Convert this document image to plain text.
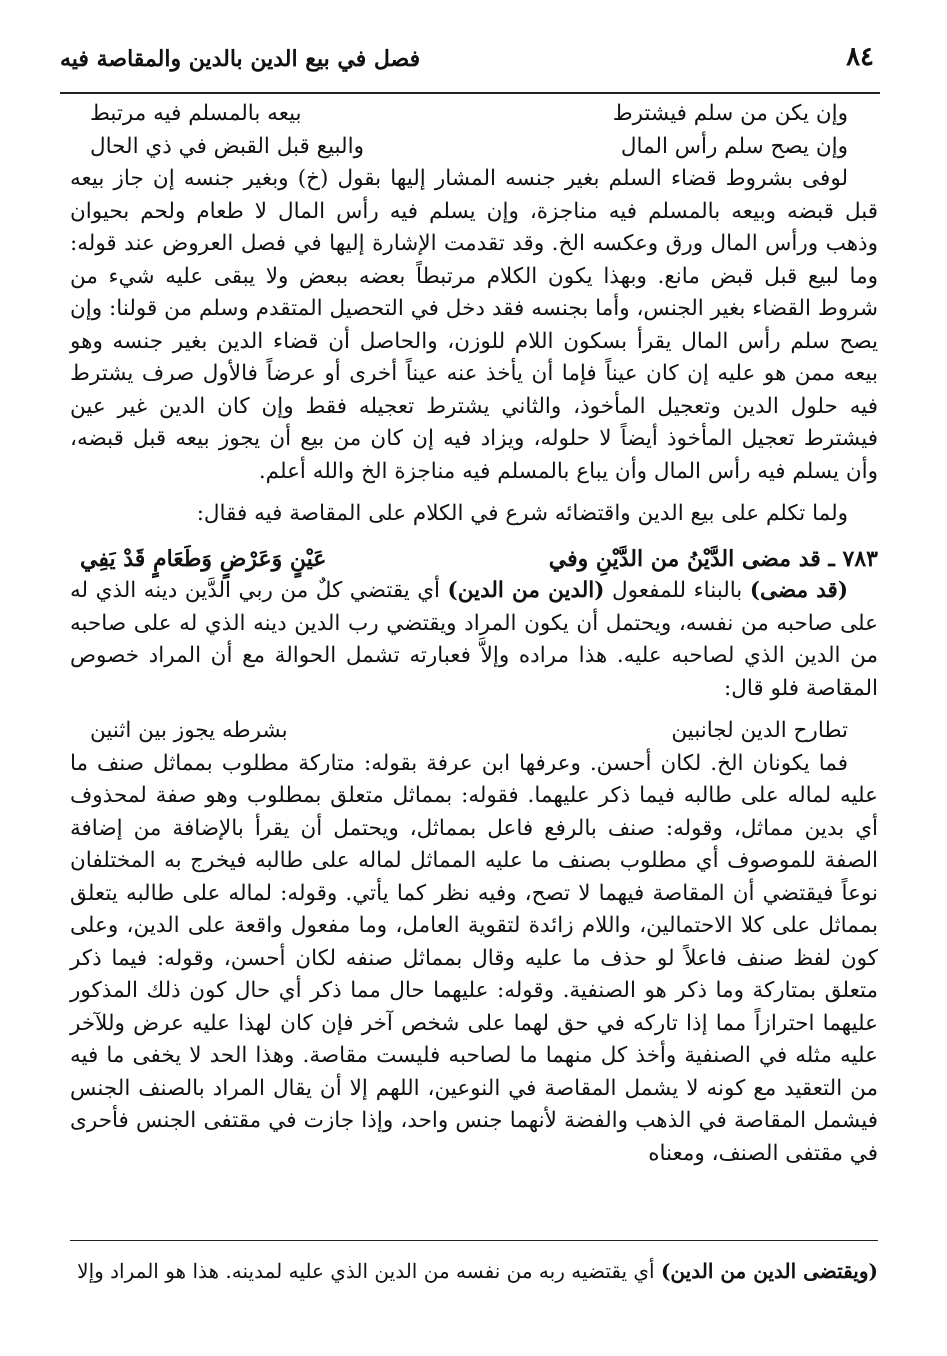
٨٤
فصل في بيع الدين بالدين والمقاصة فيه
وإن يكن من سلم فيشترط
بيعه بالمسلم فيه مرتبط
وإن يصح سلم رأس المال
والبيع قبل القبض في ذي الحال

لوفى بشروط قضاء السلم بغير جنسه المشار إليها بقول (خ) وبغير جنسه إن جاز بيعه قبل قبضه وبيعه بالمسلم فيه مناجزة، وإن يسلم فيه رأس المال لا طعام ولحم بحيوان وذهب ورأس المال ورق وعكسه الخ. وقد تقدمت الإشارة إليها في فصل العروض عند قوله: وما لبيع قبل قبض مانع. وبهذا يكون الكلام مرتبطاً بعضه ببعض ولا يبقى عليه شيء من شروط القضاء بغير الجنس، وأما بجنسه فقد دخل في التحصيل المتقدم وسلم من قولنا: وإن يصح سلم رأس المال يقرأ بسكون اللام للوزن، والحاصل أن قضاء الدين بغير جنسه وهو بيعه ممن هو عليه إن كان عيناً فإما أن يأخذ عنه عيناً أخرى أو عرضاً فالأول صرف يشترط فيه حلول الدين وتعجيل المأخوذ، والثاني يشترط تعجيله فقط وإن كان الدين غير عين فيشترط تعجيل المأخوذ أيضاً لا حلوله، ويزاد فيه إن كان من بيع أن يجوز بيعه قبل قبضه، وأن يسلم فيه رأس المال وأن يباع بالمسلم فيه مناجزة الخ والله أعلم.

ولما تكلم على بيع الدين واقتضائه شرع في الكلام على المقاصة فيه فقال:

٧٨٣ ـ قد مضى الدَّيْنُ من الدَّيْنِ وفي
عَيْنٍ وَعَرْضٍ وَطَعَامٍ قَدْ يَفِي

(قد مضى) بالبناء للمفعول (الدين من الدين) أي يقتضي كلٌ من ربي الدَّين دينه الذي له على صاحبه من نفسه، ويحتمل أن يكون المراد ويقتضي رب الدين دينه الذي له على صاحبه من الدين الذي لصاحبه عليه. هذا مراده وإلاَّ فعبارته تشمل الحوالة مع أن المراد خصوص المقاصة فلو قال:

تطارح الدين لجانبين
بشرطه يجوز بين اثنين

فما يكونان الخ. لكان أحسن. وعرفها ابن عرفة بقوله: متاركة مطلوب بمماثل صنف ما عليه لماله على طالبه فيما ذكر عليهما. فقوله: بمماثل متعلق بمطلوب وهو صفة لمحذوف أي بدين مماثل، وقوله: صنف بالرفع فاعل بمماثل، ويحتمل أن يقرأ بالإضافة من إضافة الصفة للموصوف أي مطلوب بصنف ما عليه المماثل لماله على طالبه فيخرج به المختلفان نوعاً فيقتضي أن المقاصة فيهما لا تصح، وفيه نظر كما يأتي. وقوله: لماله على طالبه يتعلق بمماثل على كلا الاحتمالين، واللام زائدة لتقوية العامل، وما مفعول واقعة على الدين، وعلى كون لفظ صنف فاعلاً لو حذف ما عليه وقال بمماثل صنفه لكان أحسن، وقوله: فيما ذكر متعلق بمتاركة وما ذكر هو الصنفية. وقوله: عليهما حال مما ذكر أي حال كون ذلك المذكور عليهما احترازاً مما إذا تاركه في حق لهما على شخص آخر فإن كان لهذا عليه عرض وللآخر عليه مثله في الصنفية وأخذ كل منهما ما لصاحبه فليست مقاصة. وهذا الحد لا يخفى ما فيه من التعقيد مع كونه لا يشمل المقاصة في النوعين، اللهم إلا أن يقال المراد بالصنف الجنس فيشمل المقاصة في الذهب والفضة لأنهما جنس واحد، وإذا جازت في مقتفى الجنس فأحرى في مقتفى الصنف، ومعناه

(ويقتضى الدين من الدين) أي يقتضيه ربه من نفسه من الدين الذي عليه لمدينه. هذا هو المراد وإلا
